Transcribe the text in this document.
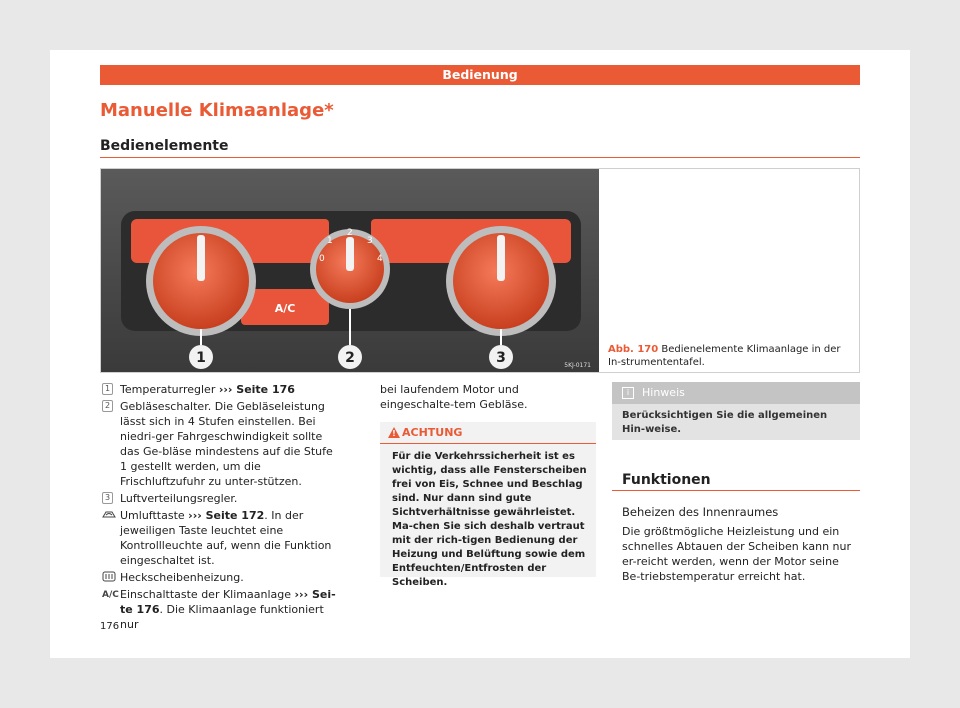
Bedienung
Manuelle Klimaanlage*
Bedienelemente
1	2	3
0
1
2
3
4
A/C
5KJ-0171
Abb. 170 Bedienelemente Klimaanlage in der In-strumententafel.
1 Temperaturregler ››› Seite 176
2 Gebläseschalter. Die Gebläseleistung lässt sich in 4 Stufen einstellen. Bei niedri-ger Fahrgeschwindigkeit sollte das Ge-bläse mindestens auf die Stufe 1 gestellt werden, um die Frischluftzufuhr zu unter-stützen.
3 Luftverteilungsregler.
Umlufttaste ››› Seite 172. In der jeweiligen Taste leuchtet eine Kontrollleuchte auf, wenn die Funktion eingeschaltet ist.
Heckscheibenheizung.
A/C Einschalttaste der Klimaanlage ››› Sei-te 176. Die Klimaanlage funktioniert nur
bei laufendem Motor und eingeschalte-tem Gebläse.
! ACHTUNG
Für die Verkehrssicherheit ist es wichtig, dass alle Fensterscheiben frei von Eis, Schnee und Beschlag sind. Nur dann sind gute Sichtverhältnisse gewährleistet. Ma-chen Sie sich deshalb vertraut mit der rich-tigen Bedienung der Heizung und Belüftung sowie dem Entfeuchten/Entfrosten der Scheiben.
i	Hinweis
Berücksichtigen Sie die allgemeinen Hin-weise.
Funktionen
Beheizen des Innenraumes
Die größtmögliche Heizleistung und ein schnelles Abtauen der Scheiben kann nur er-reicht werden, wenn der Motor seine Be-triebstemperatur erreicht hat.
176
